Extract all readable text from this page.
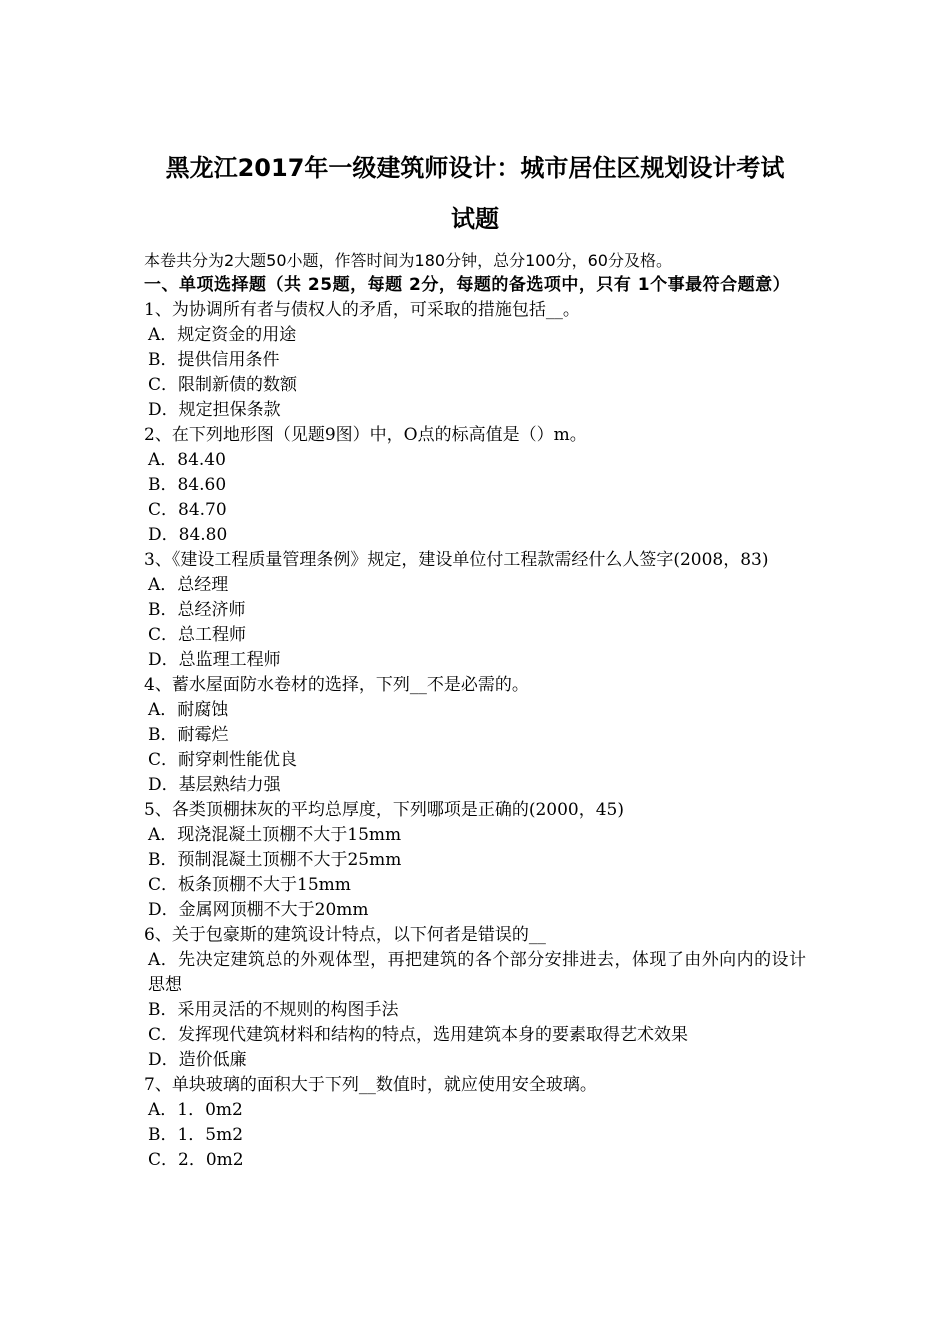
黑龙江2017年一级建筑师设计：城市居住区规划设计考试
试题
本卷共分为2大题50小题，作答时间为180分钟，总分100分，60分及格。
一、单项选择题（共 25题，每题 2分，每题的备选项中，只有 1个事最符合题意）
1、为协调所有者与债权人的矛盾，可采取的措施包括__。
A．规定资金的用途
B．提供信用条件
C．限制新债的数额
D．规定担保条款
2、在下列地形图（见题9图）中，O点的标高值是（）m。
A．84.40
B．84.60
C．84.70
D．84.80
3、《建设工程质量管理条例》规定，建设单位付工程款需经什么人签字(2008，83)
A．总经理
B．总经济师
C．总工程师
D．总监理工程师
4、蓄水屋面防水卷材的选择，下列__不是必需的。
A．耐腐蚀
B．耐霉烂
C．耐穿刺性能优良
D．基层熟结力强
5、各类顶棚抹灰的平均总厚度，下列哪项是正确的(2000，45)
A．现浇混凝土顶棚不大于15mm
B．预制混凝土顶棚不大于25mm
C．板条顶棚不大于15mm
D．金属网顶棚不大于20mm
6、关于包豪斯的建筑设计特点，以下何者是错误的__
A．先决定建筑总的外观体型，再把建筑的各个部分安排进去，体现了由外向内的设计思想
B．采用灵活的不规则的构图手法
C．发挥现代建筑材料和结构的特点，选用建筑本身的要素取得艺术效果
D．造价低廉
7、单块玻璃的面积大于下列__数值时，就应使用安全玻璃。
A．1．0m2
B．1．5m2
C．2．0m2
